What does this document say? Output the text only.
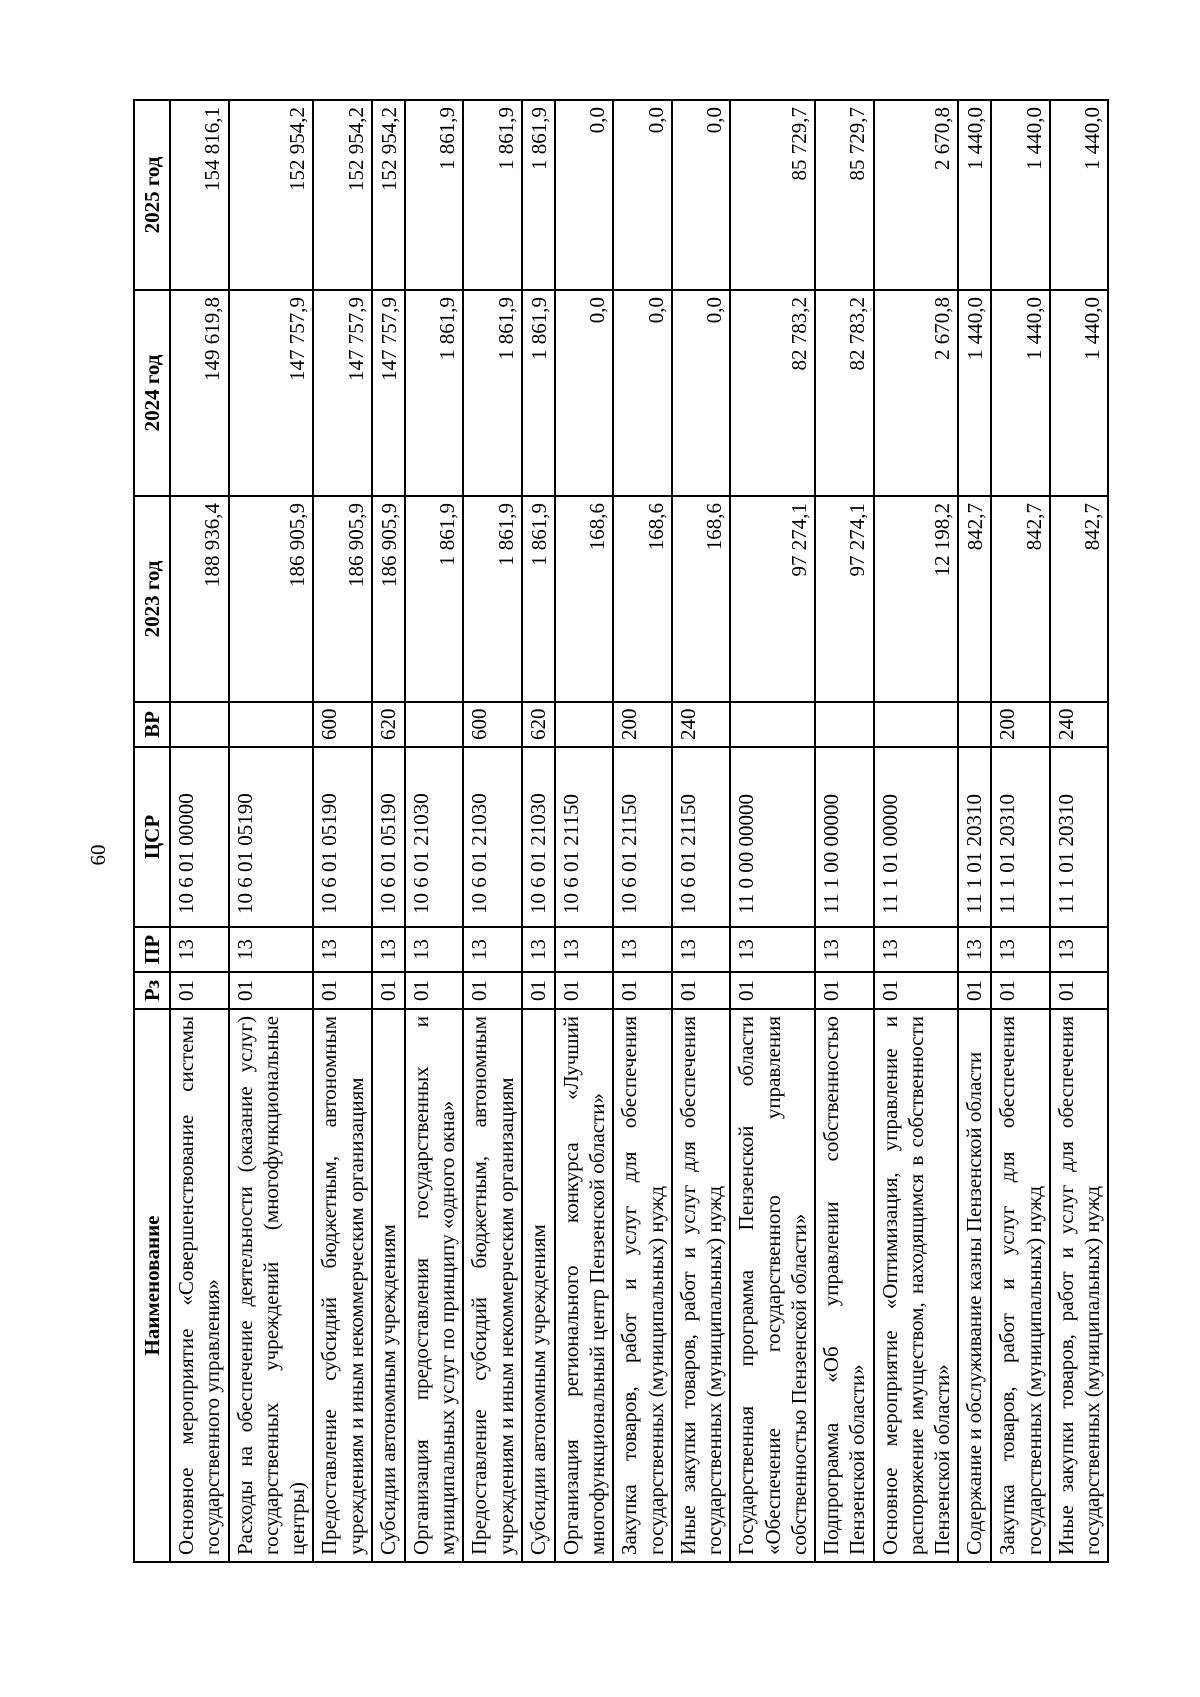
60
Наименование	Рз	ПР	ЦСР	ВР	2023 год	2024 год	2025 год
Основное мероприятие «Совершенствование системы государственного управления»	01	13	10 6 01 00000		188 936,4	149 619,8	154 816,1
Расходы на обеспечение деятельности (оказание услуг) государственных учреждений (многофункциональные центры)	01	13	10 6 01 05190		186 905,9	147 757,9	152 954,2
Предоставление субсидий бюджетным, автономным учреждениям и иным некоммерческим организациям	01	13	10 6 01 05190	600	186 905,9	147 757,9	152 954,2
Субсидии автономным учреждениям	01	13	10 6 01 05190	620	186 905,9	147 757,9	152 954,2
Организация предоставления государственных и муниципальных услуг по принципу «одного окна»	01	13	10 6 01 21030		1 861,9	1 861,9	1 861,9
Предоставление субсидий бюджетным, автономным учреждениям и иным некоммерческим организациям	01	13	10 6 01 21030	600	1 861,9	1 861,9	1 861,9
Субсидии автономным учреждениям	01	13	10 6 01 21030	620	1 861,9	1 861,9	1 861,9
Организация регионального конкурса «Лучший многофункциональный центр Пензенской области»	01	13	10 6 01 21150		168,6	0,0	0,0
Закупка товаров, работ и услуг для обеспечения государственных (муниципальных) нужд	01	13	10 6 01 21150	200	168,6	0,0	0,0
Иные закупки товаров, работ и услуг для обеспечения государственных (муниципальных) нужд	01	13	10 6 01 21150	240	168,6	0,0	0,0
Государственная программа Пензенской области «Обеспечение государственного управления собственностью Пензенской области»	01	13	11 0 00 00000		97 274,1	82 783,2	85 729,7
Подпрограмма «Об управлении собственностью Пензенской области»	01	13	11 1 00 00000		97 274,1	82 783,2	85 729,7
Основное мероприятие «Оптимизация, управление и распоряжение имуществом, находящимся в собственности Пензенской области»	01	13	11 1 01 00000		12 198,2	2 670,8	2 670,8
Содержание и обслуживание казны Пензенской области	01	13	11 1 01 20310		842,7	1 440,0	1 440,0
Закупка товаров, работ и услуг для обеспечения государственных (муниципальных) нужд	01	13	11 1 01 20310	200	842,7	1 440,0	1 440,0
Иные закупки товаров, работ и услуг для обеспечения государственных (муниципальных) нужд	01	13	11 1 01 20310	240	842,7	1 440,0	1 440,0
